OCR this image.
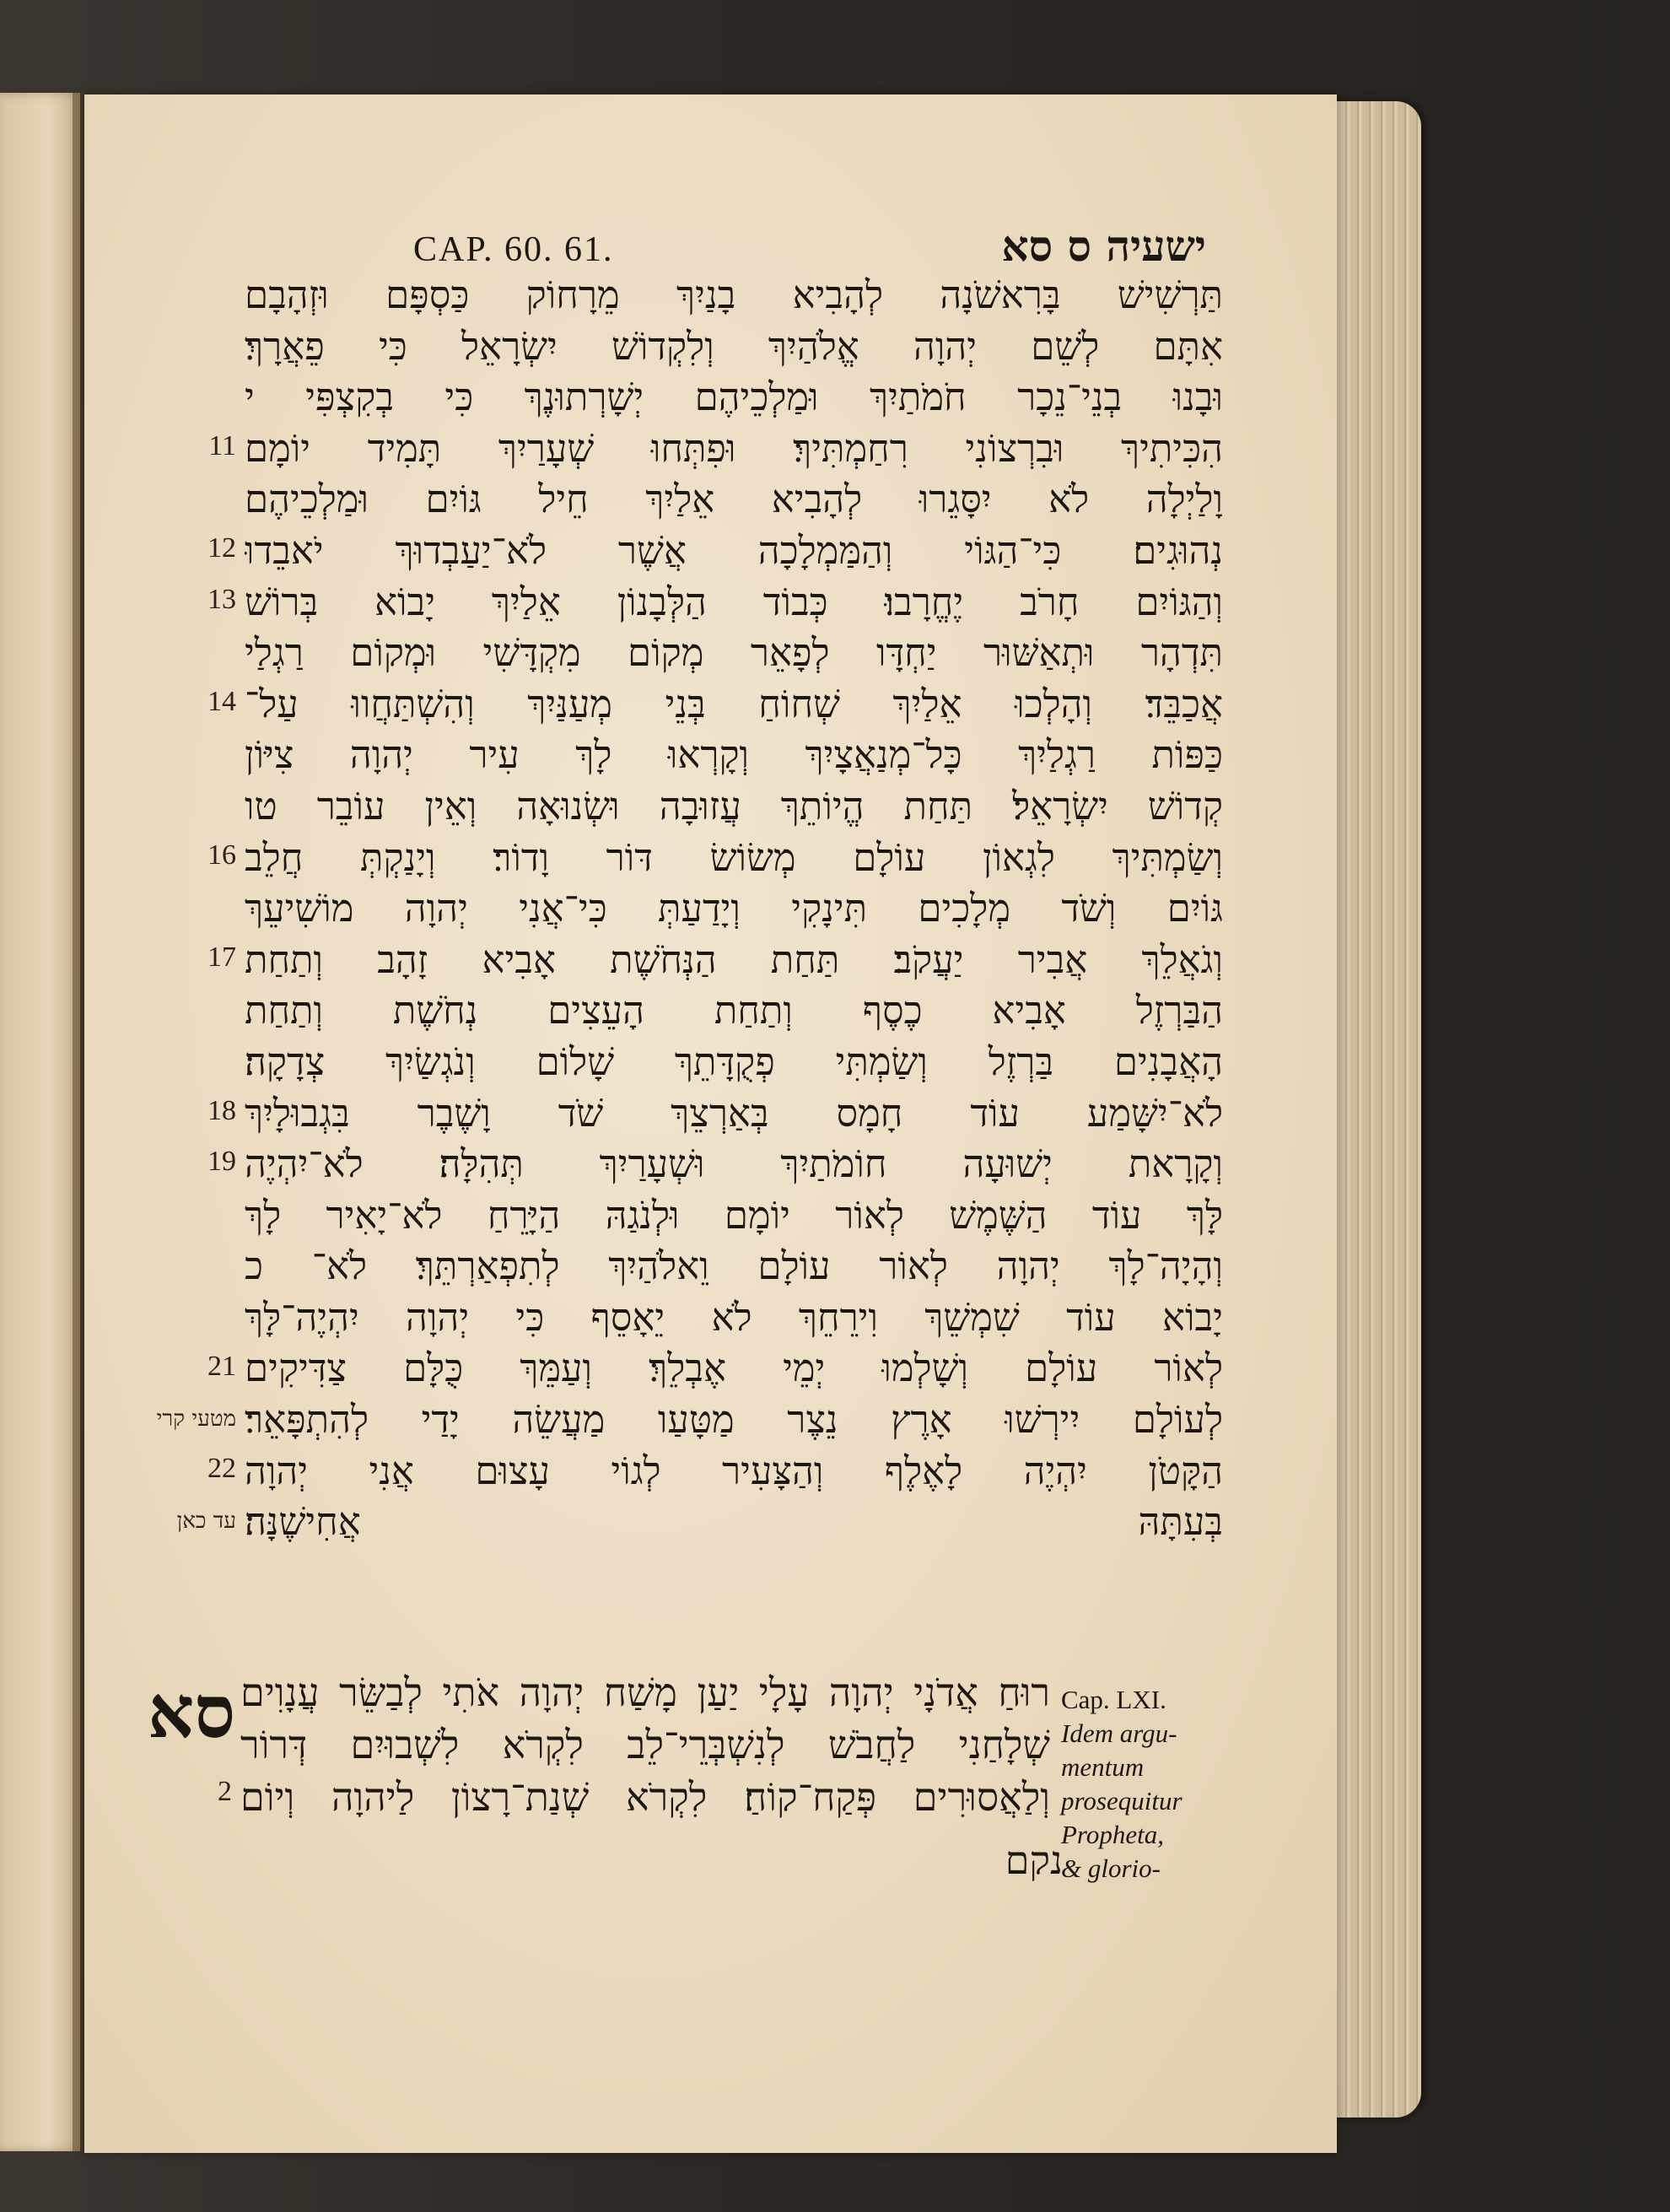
CAP. 60. 61.	ישעיה ס סא
תַּרְשִׁישׁ בָּרִאשֹׁנָה לְהָבִיא בָנַיִךְ מֵרָחוֹק כַּסְפָּם וּזְהָבָם
אִתָּם לְשֵׁם יְהוָה אֱלֹהַיִךְ וְלִקְדוֹשׁ יִשְׂרָאֵל כִּי פֵאֲרָךְ׃
וּבָנוּ בְנֵי־נֵכָר חֹמֹתַיִךְ וּמַלְכֵיהֶם יְשָׁרְתוּנֶךְ כִּי בְקִצְפִּי י
הִכִּיתִיךְ וּבִרְצוֹנִי רִחַמְתִּיךְ׃ וּפִתְּחוּ שְׁעָרַיִךְ תָּמִיד יוֹמָם
וָלַיְלָה לֹא יִסָּגֵרוּ לְהָבִיא אֵלַיִךְ חֵיל גּוֹיִם וּמַלְכֵיהֶם
נְהוּגִים׃ כִּי־הַגּוֹי וְהַמַּמְלָכָה אֲשֶׁר לֹא־יַעַבְדוּךְ יֹאבֵדוּ
וְהַגּוֹיִם חָרֹב יֶחֱרָבוּ׃ כְּבוֹד הַלְּבָנוֹן אֵלַיִךְ יָבוֹא בְּרוֹשׁ
תִּדְהָר וּתְאַשּׁוּר יַחְדָּו לְפָאֵר מְקוֹם מִקְדָּשִׁי וּמְקוֹם רַגְלַי
אֲכַבֵּד׃ וְהָלְכוּ אֵלַיִךְ שְׁחוֹחַ בְּנֵי מְעַנַּיִךְ וְהִשְׁתַּחֲווּ עַל־
כַּפּוֹת רַגְלַיִךְ כָּל־מְנַאֲצָיִךְ וְקָרְאוּ לָךְ עִיר יְהוָה צִיּוֹן
קְדוֹשׁ יִשְׂרָאֵל׃ תַּחַת הֱיוֹתֵךְ עֲזוּבָה וּשְׂנוּאָה וְאֵין עוֹבֵר טו
וְשַׂמְתִּיךְ לִגְאוֹן עוֹלָם מְשׂוֹשׂ דּוֹר וָדוֹר׃ וְיָנַקְתְּ חֲלֵב
גּוֹיִם וְשֹׁד מְלָכִים תִּינָקִי וְיָדַעַתְּ כִּי־אֲנִי יְהוָה מוֹשִׁיעֵךְ
וְגֹאֲלֵךְ אֲבִיר יַעֲקֹב׃ תַּחַת הַנְּחֹשֶׁת אָבִיא זָהָב וְתַחַת
הַבַּרְזֶל אָבִיא כֶסֶף וְתַחַת הָעֵצִים נְחֹשֶׁת וְתַחַת
הָאֲבָנִים בַּרְזֶל וְשַׂמְתִּי פְקֻדָּתֵךְ שָׁלוֹם וְנֹגְשַׂיִךְ צְדָקָה׃
לֹא־יִשָּׁמַע עוֹד חָמָס בְּאַרְצֵךְ שֹׁד וָשֶׁבֶר בִּגְבוּלָיִךְ
וְקָרָאת יְשׁוּעָה חוֹמֹתַיִךְ וּשְׁעָרַיִךְ תְּהִלָּה׃ לֹא־יִהְיֶה
לָּךְ עוֹד הַשֶּׁמֶשׁ לְאוֹר יוֹמָם וּלְנֹגַהּ הַיָּרֵחַ לֹא־יָאִיר לָךְ
וְהָיָה־לָךְ יְהוָה לְאוֹר עוֹלָם וֵאלֹהַיִךְ לְתִפְאַרְתֵּךְ׃ לֹא־ כ
יָבוֹא עוֹד שִׁמְשֵׁךְ וִירֵחֵךְ לֹא יֵאָסֵף כִּי יְהוָה יִהְיֶה־לָּךְ
לְאוֹר עוֹלָם וְשָׁלְמוּ יְמֵי אֶבְלֵךְ׃ וְעַמֵּךְ כֻּלָּם צַדִּיקִים
לְעוֹלָם יִירְשׁוּ אָרֶץ נֵצֶר מַטָּעַו מַעֲשֵׂה יָדַי לְהִתְפָּאֵר׃
הַקָּטֹן יִהְיֶה לָאֶלֶף וְהַצָּעִיר לְגוֹי עָצוּם אֲנִי יְהוָה
בְּעִתָּהּ אֲחִישֶׁנָּה׃
11
12
13
14
16
17
18
19
21
22
מטעי קרי
עד כאן
סא רוּחַ אֲדֹנָי יְהוָה עָלָי יַעַן מָשַׁח יְהוָה אֹתִי לְבַשֵּׂר עֲנָוִים
שְׁלָחַנִי לַחֲבֹשׁ לְנִשְׁבְּרֵי־לֵב לִקְרֹא לִשְׁבוּיִם דְּרוֹר
וְלַאֲסוּרִים פְּקַח־קוֹחַ׃ לִקְרֹא שְׁנַת־רָצוֹן לַיהוָה וְיוֹם
2
Cap. LXI.
Idem argu-
mentum
prosequitur
Propheta,
& glorio-
נקם
